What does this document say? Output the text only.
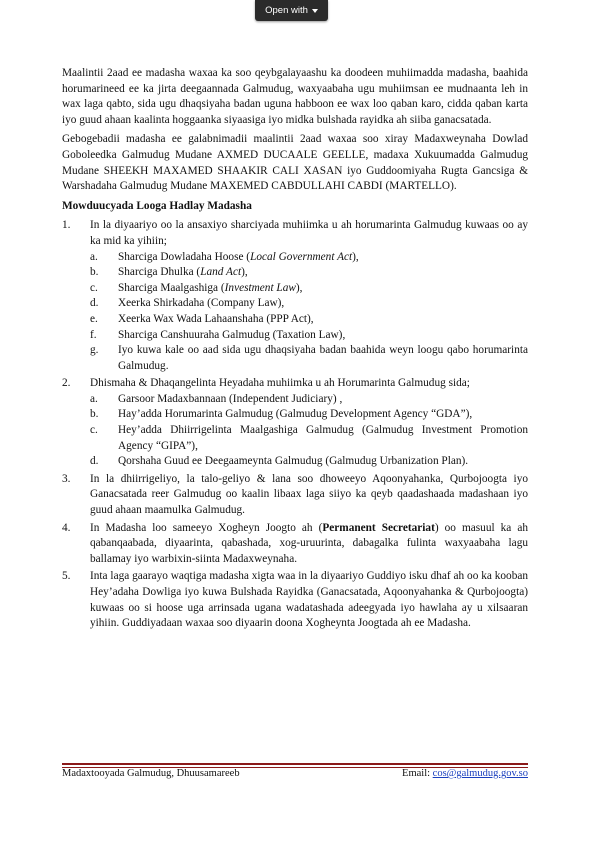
Open with

Maalintii 2aad ee madasha waxaa ka soo qeybgalayaashu ka doodeen muhiimadda madasha, baahida horumarineed ee ka jirta deegaannada Galmudug, waxyaabaha ugu muhiimsan ee mudnaanta leh in wax laga qabto, sida ugu dhaqsiyaha badan uguna habboon ee wax loo qaban karo, cidda qaban karta iyo guud ahaan kaalinta hoggaanka siyaasiga iyo midka bulshada rayidka ah siiba ganacsatada.

Gebogebadii madasha ee galabnimadii maalintii 2aad waxaa soo xiray Madaxweynaha Dowlad Goboleedka Galmudug Mudane AXMED DUCAALE GEELLE, madaxa Xukuumadda Galmudug Mudane SHEEKH MAXAMED SHAAKIR CALI XASAN iyo Guddoomiyaha Rugta Gancsiga & Warshadaha Galmudug Mudane MAXEMED CABDULLAHI CABDI (MARTELLO).

Mowduucyada Looga Hadlay Madasha

1. In la diyaariyo oo la ansaxiyo sharciyada muhiimka u ah horumarinta Galmudug kuwaas oo ay ka mid ka yihiin;
a. Sharciga Dowladaha Hoose (Local Government Act),
b. Sharciga Dhulka (Land Act),
c. Sharciga Maalgashiga (Investment Law),
d. Xeerka Shirkadaha (Company Law),
e. Xeerka Wax Wada Lahaanshaha (PPP Act),
f. Sharciga Canshuuraha Galmudug (Taxation Law),
g. Iyo kuwa kale oo aad sida ugu dhaqsiyaha badan baahida weyn loogu qabo horumarinta Galmudug.
2. Dhismaha & Dhaqangelinta Heyadaha muhiimka u ah Horumarinta Galmudug sida;
a. Garsoor Madaxbannaan (Independent Judiciary) ,
b. Hay’adda Horumarinta Galmudug (Galmudug Development Agency “GDA”),
c. Hey’adda Dhiirrigelinta Maalgashiga Galmudug (Galmudug Investment Promotion Agency “GIPA”),
d. Qorshaha Guud ee Deegaameynta Galmudug (Galmudug Urbanization Plan).
3. In la dhiirrigeliyo, la talo-geliyo & lana soo dhoweeyo Aqoonyahanka, Qurbojoogta iyo Ganacsatada reer Galmudug oo kaalin libaax laga siiyo ka qeyb qaadashaada madashaan iyo guud ahaan maamulka Galmudug.
4. In Madasha loo sameeyo Xogheyn Joogto ah (Permanent Secretariat) oo masuul ka ah qabanqaabada, diyaarinta, qabashada, xog-uruurinta, dabagalka fulinta waxyaabaha lagu ballamay iyo warbixin-siinta Madaxweynaha.
5. Inta laga gaarayo waqtiga madasha xigta waa in la diyaariyo Guddiyo isku dhaf ah oo ka kooban Hey’adaha Dowliga iyo kuwa Bulshada Rayidka (Ganacsatada, Aqoonyahanka & Qurbojoogta) kuwaas oo si hoose uga arrinsada ugana wadatashada adeegyada iyo hawlaha ay u xilsaaran yihiin. Guddiyadaan waxaa soo diyaarin doona Xogheynta Joogtada ah ee Madasha.
Madaxtooyada Galmudug, Dhuusamareeb	Email: cos@galmudug.gov.so
